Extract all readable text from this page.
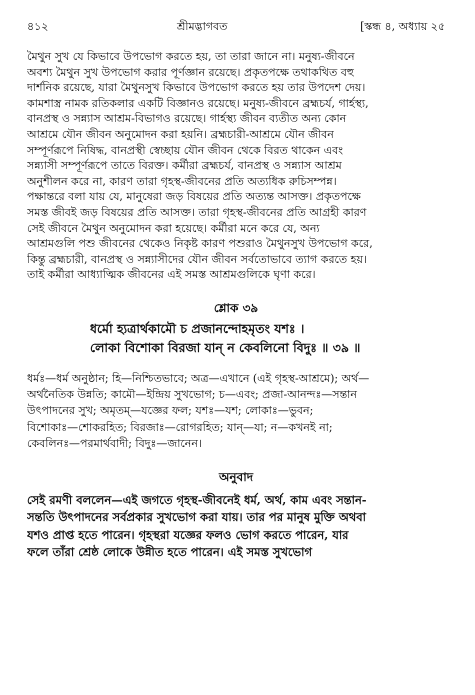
৪১২	শ্রীমদ্ভাগবত	[স্কন্ধ ৪, অধ্যায় ২৫
মৈথুন সুখ যে কিভাবে উপভোগ করতে হয়, তা তারা জানে না। মনুষ্য-জীবনে
অবশ্য মৈথুন সুখ উপভোগ করার পূর্ণজ্ঞান রয়েছে। প্রকৃতপক্ষে তথাকথিত বহু
দার্শনিক রয়েছে, যারা মৈথুনসুখ কিভাবে উপভোগ করতে হয় তার উপদেশ দেয়।
কামশাস্ত্র নামক রতিকলার একটি বিজ্ঞানও রয়েছে। মনুষ্য-জীবনে ব্রহ্মচর্য, গার্হস্থ্য,
বানপ্রস্থ ও সন্ন্যাস আশ্রম-বিভাগও রয়েছে। গার্হস্থ্য জীবন ব্যতীত অন্য কোন
আশ্রমে যৌন জীবন অনুমোদন করা হয়নি। ব্রহ্মচারী-আশ্রমে যৌন জীবন
সম্পূর্ণরূপে নিষিদ্ধ, বানপ্রস্থী স্বেচ্ছায় যৌন জীবন থেকে বিরত থাকেন এবং
সন্ন্যাসী সম্পূর্ণরূপে তাতে বিরক্ত। কর্মীরা ব্রহ্মচর্য, বানপ্রস্থ ও সন্ন্যাস আশ্রম
অনুশীলন করে না, কারণ তারা গৃহস্থ-জীবনের প্রতি অত্যধিক রুচিসম্পন্ন।
পক্ষান্তরে বলা যায় যে, মানুষেরা জড় বিষয়ের প্রতি অত্যন্ত আসক্ত। প্রকৃতপক্ষে
সমস্ত জীবই জড় বিষয়ের প্রতি আসক্ত। তারা গৃহস্থ-জীবনের প্রতি আগ্রহী কারণ
সেই জীবনে মৈথুন অনুমোদন করা হয়েছে। কর্মীরা মনে করে যে, অন্য
আশ্রমগুলি পশু জীবনের থেকেও নিকৃষ্ট কারণ পশুরাও মৈথুনসুখ উপভোগ করে,
কিন্তু ব্রহ্মচারী, বানপ্রস্থ ও সন্ন্যাসীদের যৌন জীবন সর্বতোভাবে ত্যাগ করতে হয়।
তাই কর্মীরা আধ্যাত্মিক জীবনের এই সমস্ত আশ্রমগুলিকে ঘৃণা করে।
শ্লোক ৩৯
ধর্মো হ্যত্রার্থকামৌ চ প্রজানন্দোহমৃতং যশঃ ।
লোকা বিশোকা বিরজা যান্ ন কেবলিনো বিদুঃ ॥ ৩৯ ॥
ধর্মঃ—ধর্ম অনুষ্ঠান; হি—নিশ্চিতভাবে; অত্র—এখানে (এই গৃহস্থ-আশ্রমে); অর্থ—
অর্থনৈতিক উন্নতি; কামৌ—ইন্দ্রিয় সুখভোগ; চ—এবং; প্রজা-আনন্দঃ—সন্তান
উৎপাদনের সুখ; অমৃতম্—যজ্ঞের ফল; যশঃ—যশ; লোকাঃ—ভুবন;
বিশোকাঃ—শোকরহিত; বিরজাঃ—রোগরহিত; যান্—যা; ন—কখনই না;
কেবলিনঃ—পরমার্থবাদী; বিদুঃ—জানেন।
অনুবাদ
সেই রমণী বললেন—এই জগতে গৃহস্থ-জীবনেই ধর্ম, অর্থ, কাম এবং সন্তান-
সন্ততি উৎপাদনের সর্বপ্রকার সুখভোগ করা যায়। তার পর মানুষ মুক্তি অথবা
যশও প্রাপ্ত হতে পারেন। গৃহস্থরা যজ্ঞের ফলও ভোগ করতে পারেন, যার
ফলে তাঁরা শ্রেষ্ঠ লোকে উন্নীত হতে পারেন। এই সমস্ত সুখভোগ
